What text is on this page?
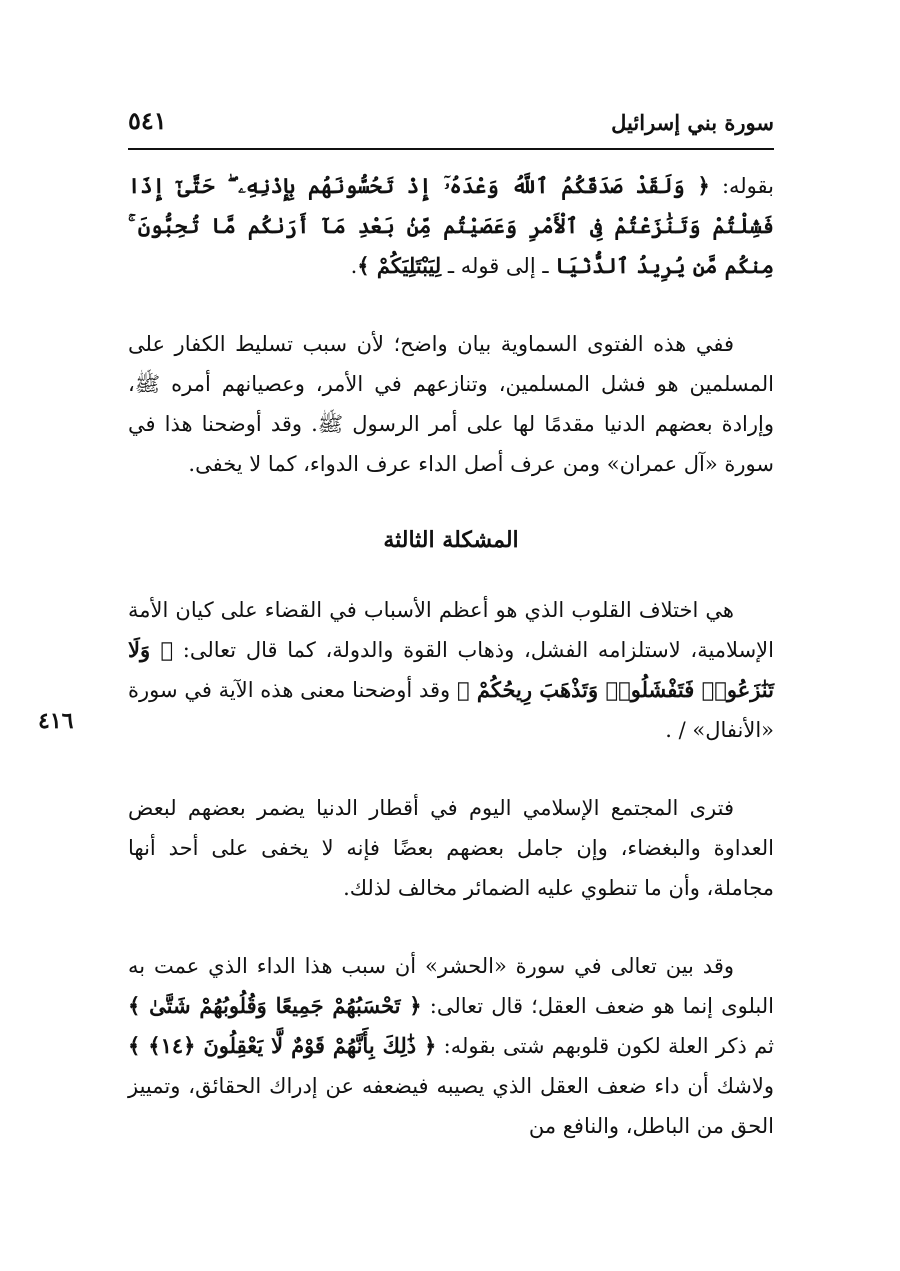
سورة بني إسرائيل
٥٤١
٤١٦

بقوله: ﴿ وَلَقَدْ صَدَقَكُمُ ٱللَّهُ وَعْدَهُۥٓ إِذْ تَحُسُّونَهُم بِإِذْنِهِۦ ۖ حَتَّىٰٓ إِذَا فَشِلْتُمْ وَتَنَٰزَعْتُمْ فِى ٱلْأَمْرِ وَعَصَيْتُم مِّنۢ بَعْدِ مَآ أَرَىٰكُم مَّا تُحِبُّونَ ۚ مِنكُم مَّن يُرِيدُ ٱلدُّنْيَا ـ إلى قوله ـ لِيَبْتَلِيَكُمْ ﴾.

ففي هذه الفتوى السماوية بيان واضح؛ لأن سبب تسليط الكفار على المسلمين هو فشل المسلمين، وتنازعهم في الأمر، وعصيانهم أمره ﷺ، وإرادة بعضهم الدنيا مقدمًا لها على أمر الرسول ﷺ. وقد أوضحنا هذا في سورة «آل عمران» ومن عرف أصل الداء عرف الدواء، كما لا يخفى.

المشكلة الثالثة

هي اختلاف القلوب الذي هو أعظم الأسباب في القضاء على كيان الأمة الإسلامية، لاستلزامه الفشل، وذهاب القوة والدولة، كما قال تعالى: ﴿ وَلَا تَنَٰزَعُوا۟ فَتَفْشَلُوا۟ وَتَذْهَبَ رِيحُكُمْ ﴾ وقد أوضحنا معنى هذه الآية في سورة «الأنفال» / .

فترى المجتمع الإسلامي اليوم في أقطار الدنيا يضمر بعضهم لبعض العداوة والبغضاء، وإن جامل بعضهم بعضًا فإنه لا يخفى على أحد أنها مجاملة، وأن ما تنطوي عليه الضمائر مخالف لذلك.

وقد بين تعالى في سورة «الحشر» أن سبب هذا الداء الذي عمت به البلوى إنما هو ضعف العقل؛ قال تعالى: ﴿ تَحْسَبُهُمْ جَمِيعًا وَقُلُوبُهُمْ شَتَّىٰ ﴾ ثم ذكر العلة لكون قلوبهم شتى بقوله: ﴿ ذَٰلِكَ بِأَنَّهُمْ قَوْمٌ لَّا يَعْقِلُونَ ﴿١٤﴾ ﴾ ولاشك أن داء ضعف العقل الذي يصيبه فيضعفه عن إدراك الحقائق، وتمييز الحق من الباطل، والنافع من
